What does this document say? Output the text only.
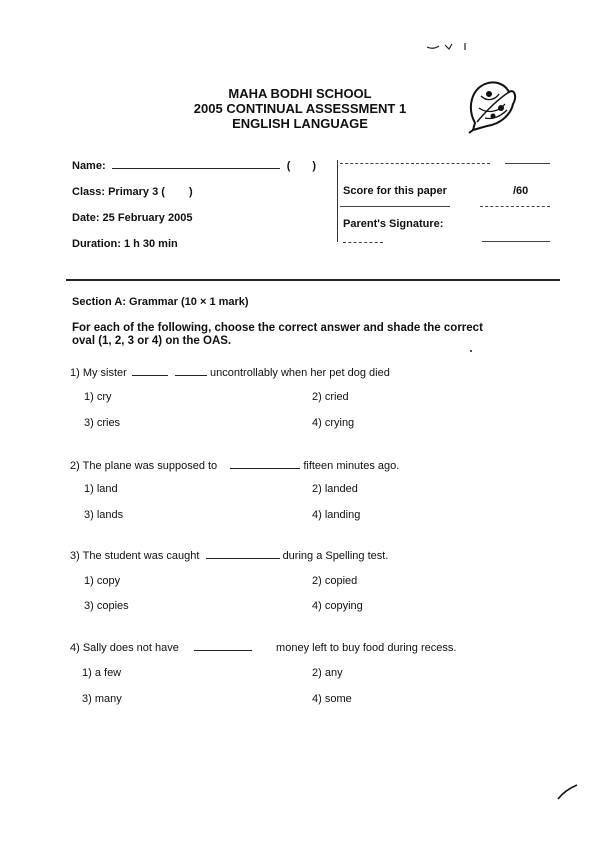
MAHA BODHI SCHOOL
2005 CONTINUAL ASSESSMENT 1
ENGLISH LANGUAGE
Name:	( )
Class: Primary 3 ( )
Date: 25 February 2005
Duration: 1 h 30 min
Score for this paper	/60
Parent's Signature:
Section A: Grammar (10 × 1 mark)
For each of the following, choose the correct answer and shade the correct
oval (1, 2, 3 or 4) on the OAS.
1) My sister	uncontrollably when her pet dog died
1) cry	2) cried
3) cries	4) crying
2) The plane was supposed to	fifteen minutes ago.
1) land	2) landed
3) lands	4) landing
3) The student was caught	during a Spelling test.
1) copy	2) copied
3) copies	4) copying
4) Sally does not have	money left to buy food during recess.
1) a few	2) any
3) many	4) some
